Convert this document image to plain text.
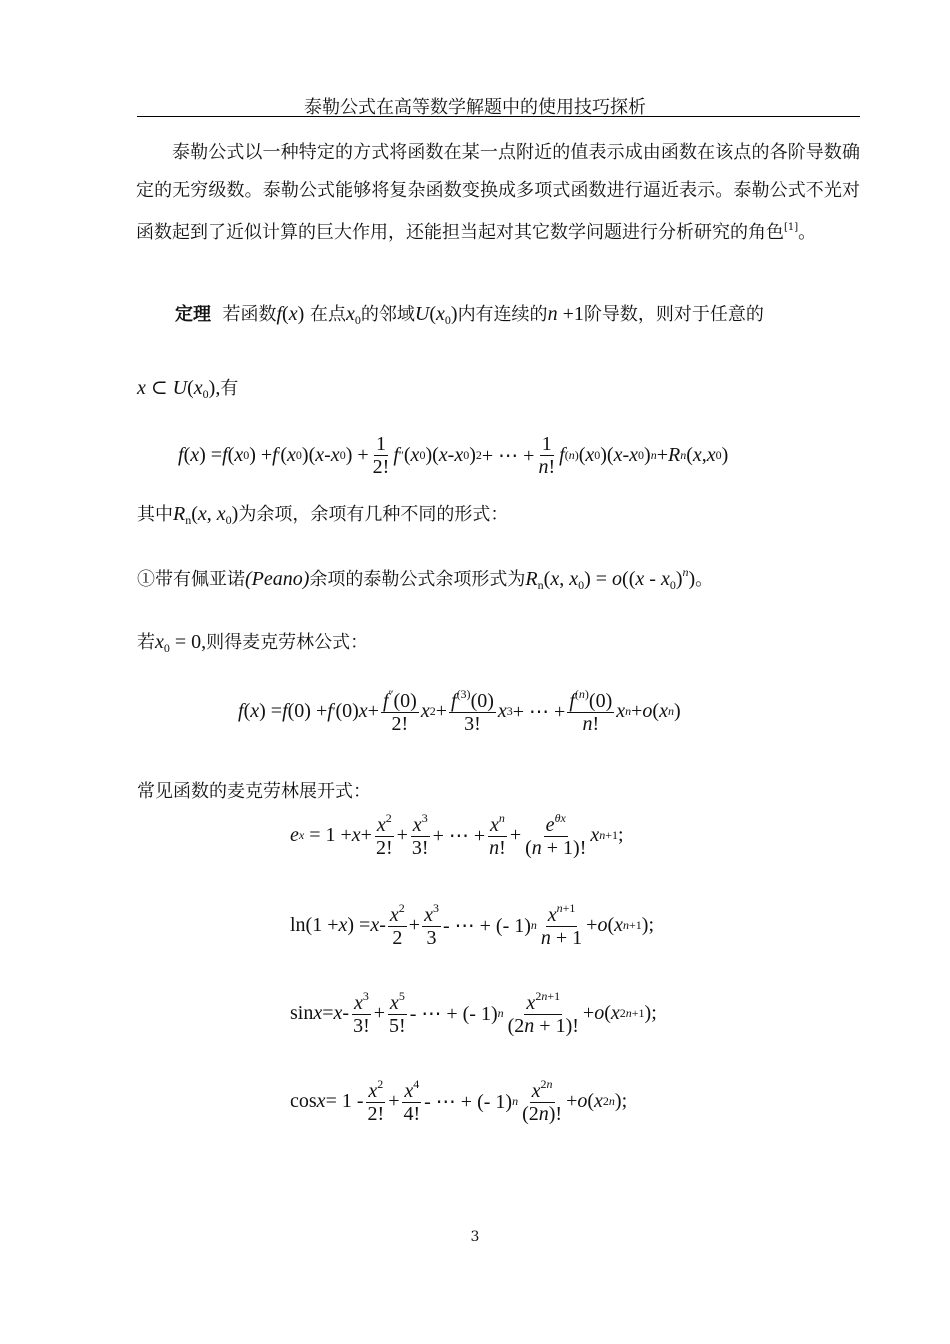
泰勒公式在高等数学解题中的使用技巧探析
泰勒公式以一种特定的方式将函数在某一点附近的值表示成由函数在该点的各阶导数确定的无穷级数。泰勒公式能够将复杂函数变换成多项式函数进行逼近表示。泰勒公式不光对函数起到了近似计算的巨大作用，还能担当起对其它数学问题进行分析研究的角色[1]。
定理 若函数f(x) 在点$x_0$的邻域$U(x_0)$内有连续的n +1阶导数，则对于任意的
x ⊂ $U(x_0)$,有
f ( x ) = f ( x 0 ) + f ′ ( x 0 )( x - x 0 ) + $\frac{1}{2!}$ f ″ ( x 0 )( x - x 0 ) 2 + ⋯ + $\frac{1}{n!}$ f (n) ( x 0 )( x - x 0 ) n + R n ( x , x 0 )
其中$R_n(x$, $x_0$)为余项，余项有几种不同的形式：
①带有佩亚诺(Peano)余项的泰勒公式余项形式为$R_n(x$, $x_0) = o((x - x_0)^n)$。
若$x_0 = 0$,则得麦克劳林公式：
f ( x ) = f (0) + f ′ (0) $x + \frac{f''(0)}{2!}$ x $2 + \frac{f^{(3)}(0)}{3!}$ x 3 + ⋯ + $\frac{f^{(n)}(0)}{n!}$ x n + o ( x n )
常见函数的麦克劳林展开式：
e $x = 1 + x + \frac{x^2}{2!} + \frac{x^3}{3!}$ + ⋯ + $\frac{x^n}{n!} + \frac{e^{\theta x}}{(n + 1)!}$ x n+1 ;
ln(1 + x ) = $x - \frac{x^2}{2} + \frac{x^3}{3}$ - ⋯ + (- 1) n $\frac{x^{n+1}}{n + 1} + o$ ( x n+1 );
$\sin x = x - \frac{x^3}{3!} + \frac{x^5}{5!}$ - ⋯ + (- 1) n $\frac{x^{2n+1}}{(2n + 1)!} + o$ ( x 2n+1 );
$\cos x = 1 - \frac{x^2}{2!} + \frac{x^4}{4!}$ - ⋯ + (- 1) n $\frac{x^{2n}}{(2n)!} + o$ ( x 2n );
3
